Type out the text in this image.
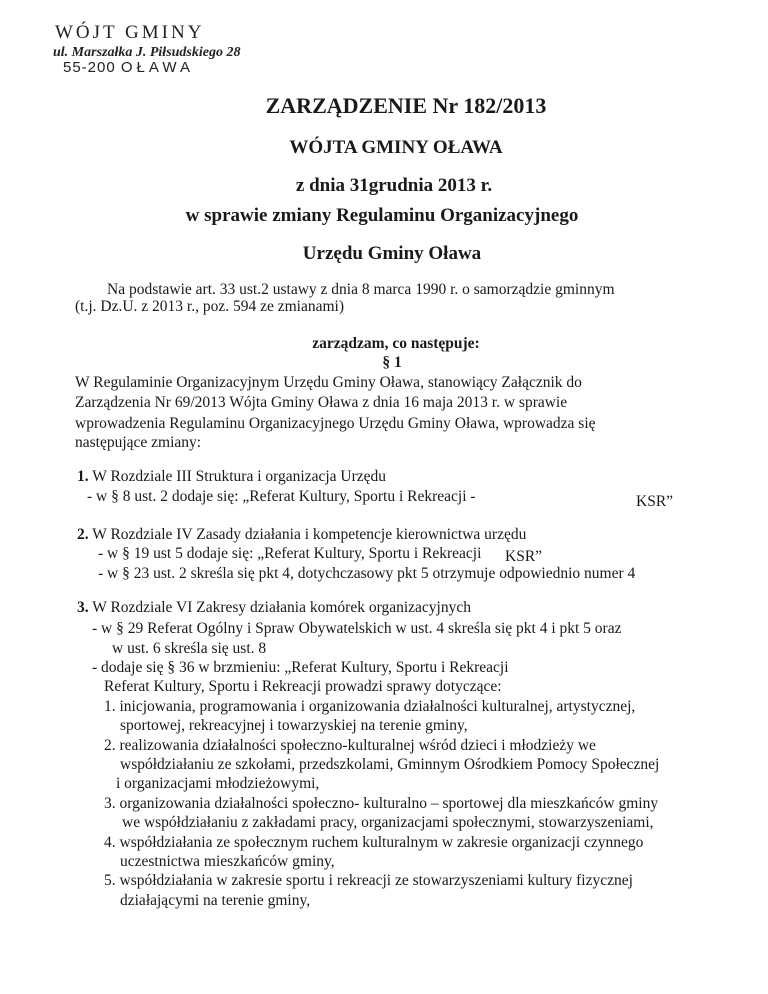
WÓJT GMINY
ul. Marszałka J. Piłsudskiego 28
55-200 OŁAWA
ZARZĄDZENIE Nr 182/2013
WÓJTA GMINY OŁAWA
z dnia 31grudnia 2013 r.
w sprawie zmiany Regulaminu Organizacyjnego
Urzędu Gminy Oława
Na podstawie art. 33 ust.2 ustawy z dnia 8 marca 1990 r. o samorządzie gminnym
(t.j. Dz.U. z 2013 r., poz. 594 ze zmianami)
zarządzam, co następuje:
§ 1
W Regulaminie Organizacyjnym Urzędu Gminy Oława, stanowiący Załącznik do
Zarządzenia Nr 69/2013 Wójta Gminy Oława z dnia 16 maja 2013 r. w sprawie
wprowadzenia Regulaminu Organizacyjnego Urzędu Gminy Oława, wprowadza się
następujące zmiany:
1. W Rozdziale III Struktura i organizacja Urzędu
- w § 8 ust. 2 dodaje się: „Referat Kultury, Sportu i Rekreacji -	KSR”
2. W Rozdziale IV Zasady działania i kompetencje kierownictwa urzędu
- w § 19 ust 5 dodaje się: „Referat Kultury, Sportu i Rekreacji KSR”
- w § 23 ust. 2 skreśla się pkt 4, dotychczasowy pkt 5 otrzymuje odpowiednio numer 4
3. W Rozdziale VI Zakresy działania komórek organizacyjnych
- w § 29 Referat Ogólny i Spraw Obywatelskich w ust. 4 skreśla się pkt 4 i pkt 5 oraz
w ust. 6 skreśla się ust. 8
- dodaje się § 36 w brzmieniu: „Referat Kultury, Sportu i Rekreacji
Referat Kultury, Sportu i Rekreacji prowadzi sprawy dotyczące:
1. inicjowania, programowania i organizowania działalności kulturalnej, artystycznej,
sportowej, rekreacyjnej i towarzyskiej na terenie gminy,
2. realizowania działalności społeczno-kulturalnej wśród dzieci i młodzieży we
współdziałaniu ze szkołami, przedszkolami, Gminnym Ośrodkiem Pomocy Społecznej
i organizacjami młodzieżowymi,
3. organizowania działalności społeczno- kulturalno – sportowej dla mieszkańców gminy
we współdziałaniu z zakładami pracy, organizacjami społecznymi, stowarzyszeniami,
4. współdziałania ze społecznym ruchem kulturalnym w zakresie organizacji czynnego
uczestnictwa mieszkańców gminy,
5. współdziałania w zakresie sportu i rekreacji ze stowarzyszeniami kultury fizycznej
działającymi na terenie gminy,
